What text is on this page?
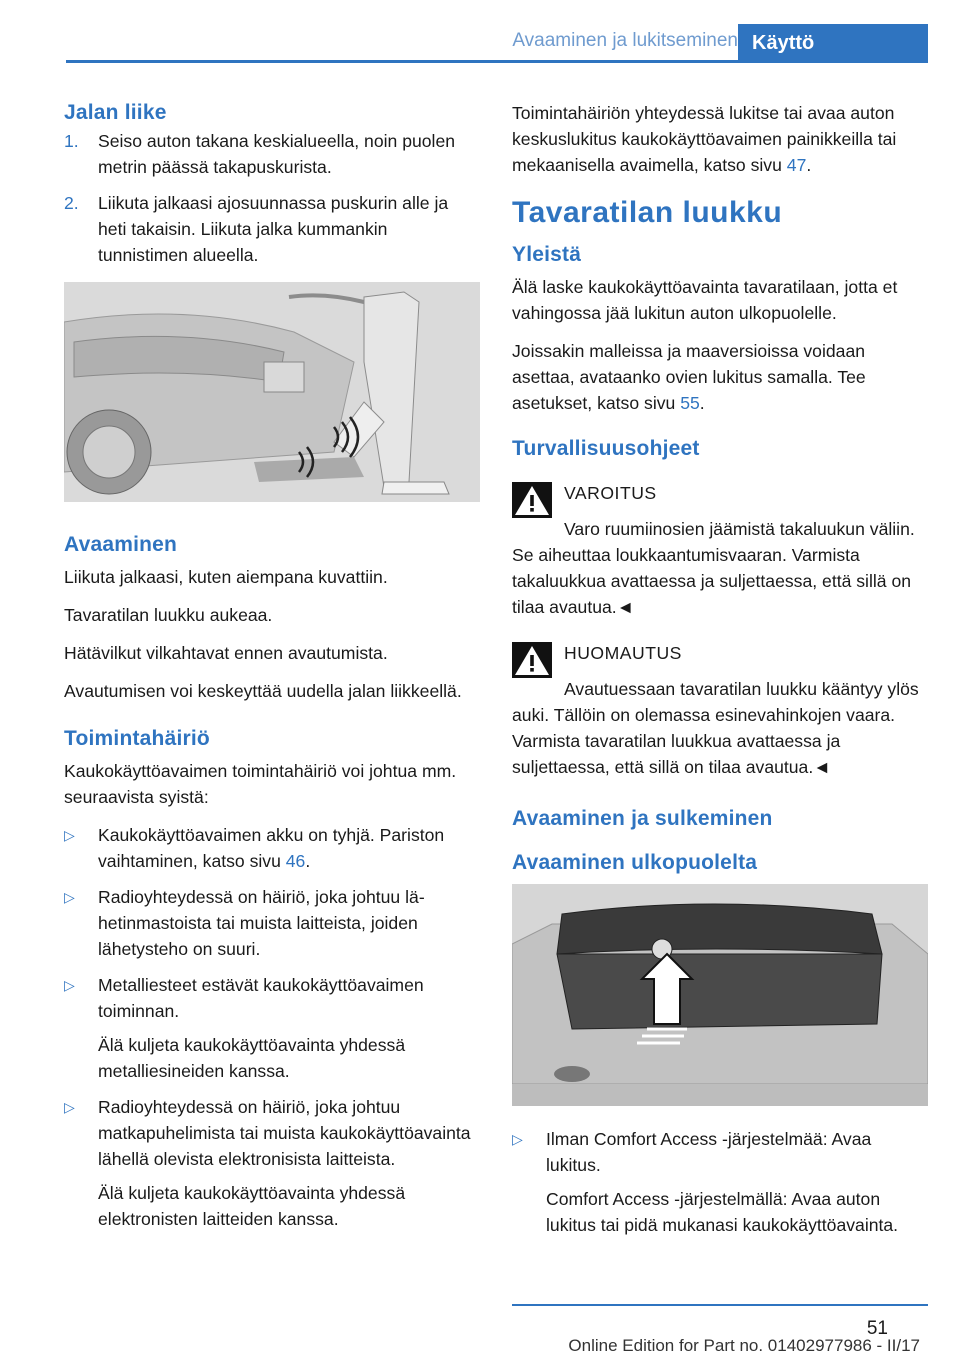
Avaaminen ja lukitseminen Käyttö
Jalan liike
1.	Seiso auton takana keskialueella, noin puolen metrin päässä takapuskurista.
2.	Liikuta jalkaasi ajosuunnassa puskurin alle ja heti takaisin. Liikuta jalka kummankin tunnistimen alueella.
Avaaminen

Liikuta jalkaasi, kuten aiempana kuvattiin.

Tavaratilan luukku aukeaa.

Hätävilkut vilkahtavat ennen avautumista.

Avautumisen voi keskeyttää uudella jalan liikkeellä.

Toimintahäiriö

Kaukokäyttöavaimen toimintahäiriö voi johtua mm. seuraavista syistä:

▷	Kaukokäyttöavaimen akku on tyhjä. Pariston vaihtaminen, katso sivu 46.
▷	Radioyhteydessä on häiriö, joka johtuu lähetinmastoista tai muista laitteista, joiden lähetysteho on suuri.
▷	Metalliesteet estävät kaukokäyttöavaimen toiminnan.
Älä kuljeta kaukokäyttöavainta yhdessä metalliesineiden kanssa.
▷	Radioyhteydessä on häiriö, joka johtuu matkapuhelimista tai muista kaukokäyttöavainta lähellä olevista elektronisista laitteista.
Älä kuljeta kaukokäyttöavainta yhdessä elektronisten laitteiden kanssa.

Toimintahäiriön yhteydessä lukitse tai avaa auton keskuslukitus kaukokäyttöavaimen painikkeilla tai mekaanisella avaimella, katso sivu 47.

Tavaratilan luukku
Yleistä

Älä laske kaukokäyttöavainta tavaratilaan, jotta et vahingossa jää lukitun auton ulkopuolelle.

Joissakin malleissa ja maaversioissa voidaan asettaa, avataanko ovien lukitus samalla. Tee asetukset, katso sivu 55.

Turvallisuusohjeet
VAROITUS

Varo ruumiinosien jäämistä takaluukun väliin. Se aiheuttaa loukkaantumisvaaran. Varmista takaluukkua avattaessa ja suljettaessa, että sillä on tilaa avautua.◄

HUOMAUTUS

Avautuessaan tavaratilan luukku kääntyy ylös auki. Tällöin on olemassa esinevahinkojen vaara. Varmista tavaratilan luukkua avattaessa ja suljettaessa, että sillä on tilaa avautua.◄

Avaaminen ja sulkeminen
Avaaminen ulkopuolelta
▷	Ilman Comfort Access -järjestelmää: Avaa lukitus.
Comfort Access -järjestelmällä: Avaa auton lukitus tai pidä mukanasi kaukokäyttöavainta.
51
Online Edition for Part no. 01402977986 - II/17
